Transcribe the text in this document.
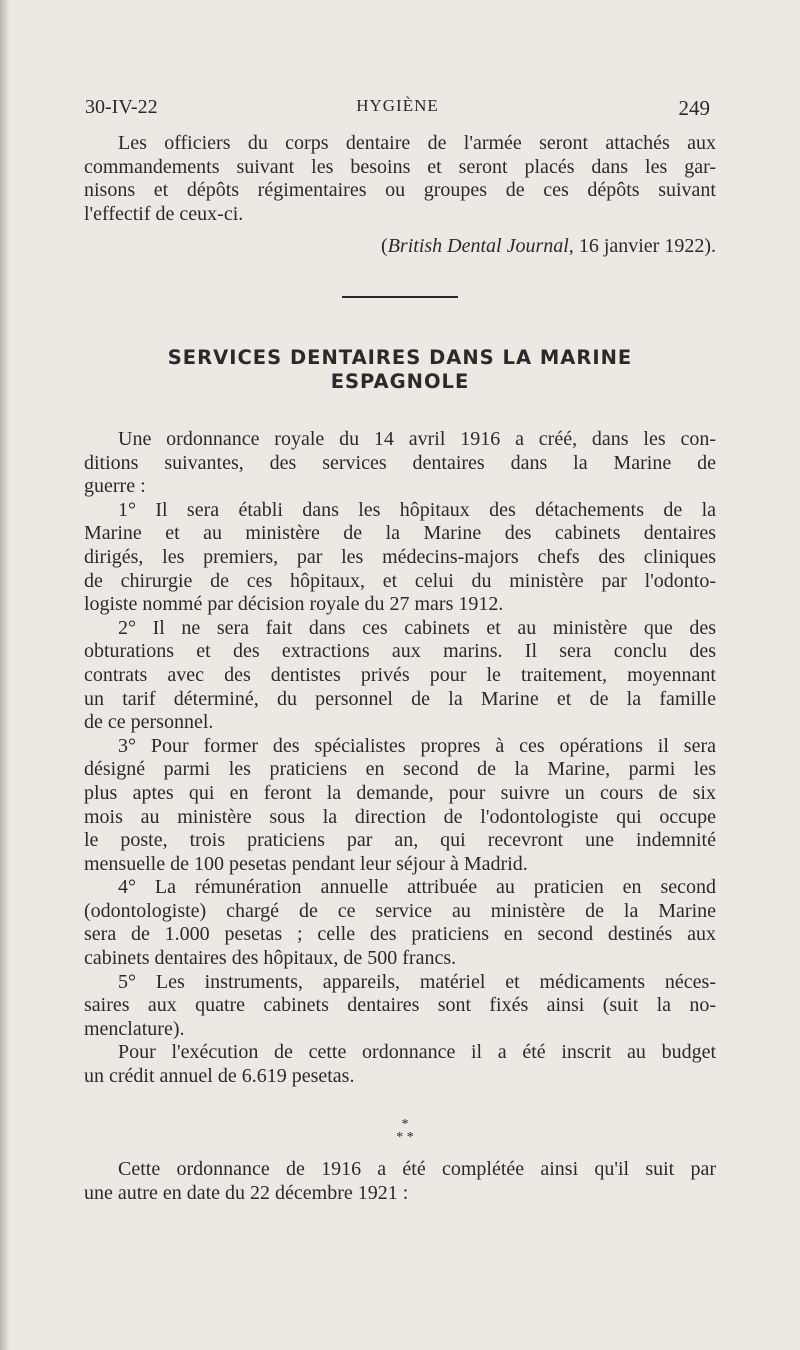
30-IV-22	HYGIÈNE	249
Les officiers du corps dentaire de l'armée seront attachés aux
commandements suivant les besoins et seront placés dans les gar-
nisons et dépôts régimentaires ou groupes de ces dépôts suivant
l'effectif de ceux-ci.
(British Dental Journal, 16 janvier 1922).
SERVICES DENTAIRES DANS LA MARINE
ESPAGNOLE

Une ordonnance royale du 14 avril 1916 a créé, dans les con-
ditions suivantes, des services dentaires dans la Marine de
guerre :

1° Il sera établi dans les hôpitaux des détachements de la
Marine et au ministère de la Marine des cabinets dentaires
dirigés, les premiers, par les médecins-majors chefs des cliniques
de chirurgie de ces hôpitaux, et celui du ministère par l'odonto-
logiste nommé par décision royale du 27 mars 1912.

2° Il ne sera fait dans ces cabinets et au ministère que des
obturations et des extractions aux marins. Il sera conclu des
contrats avec des dentistes privés pour le traitement, moyennant
un tarif déterminé, du personnel de la Marine et de la famille
de ce personnel.

3° Pour former des spécialistes propres à ces opérations il sera
désigné parmi les praticiens en second de la Marine, parmi les
plus aptes qui en feront la demande, pour suivre un cours de six
mois au ministère sous la direction de l'odontologiste qui occupe
le poste, trois praticiens par an, qui recevront une indemnité
mensuelle de 100 pesetas pendant leur séjour à Madrid.

4° La rémunération annuelle attribuée au praticien en second
(odontologiste) chargé de ce service au ministère de la Marine
sera de 1.000 pesetas ; celle des praticiens en second destinés aux
cabinets dentaires des hôpitaux, de 500 francs.

5° Les instruments, appareils, matériel et médicaments néces-
saires aux quatre cabinets dentaires sont fixés ainsi (suit la no-
menclature).

Pour l'exécution de cette ordonnance il a été inscrit au budget
un crédit annuel de 6.619 pesetas.

*
* *
Cette ordonnance de 1916 a été complétée ainsi qu'il suit par
une autre en date du 22 décembre 1921 :
